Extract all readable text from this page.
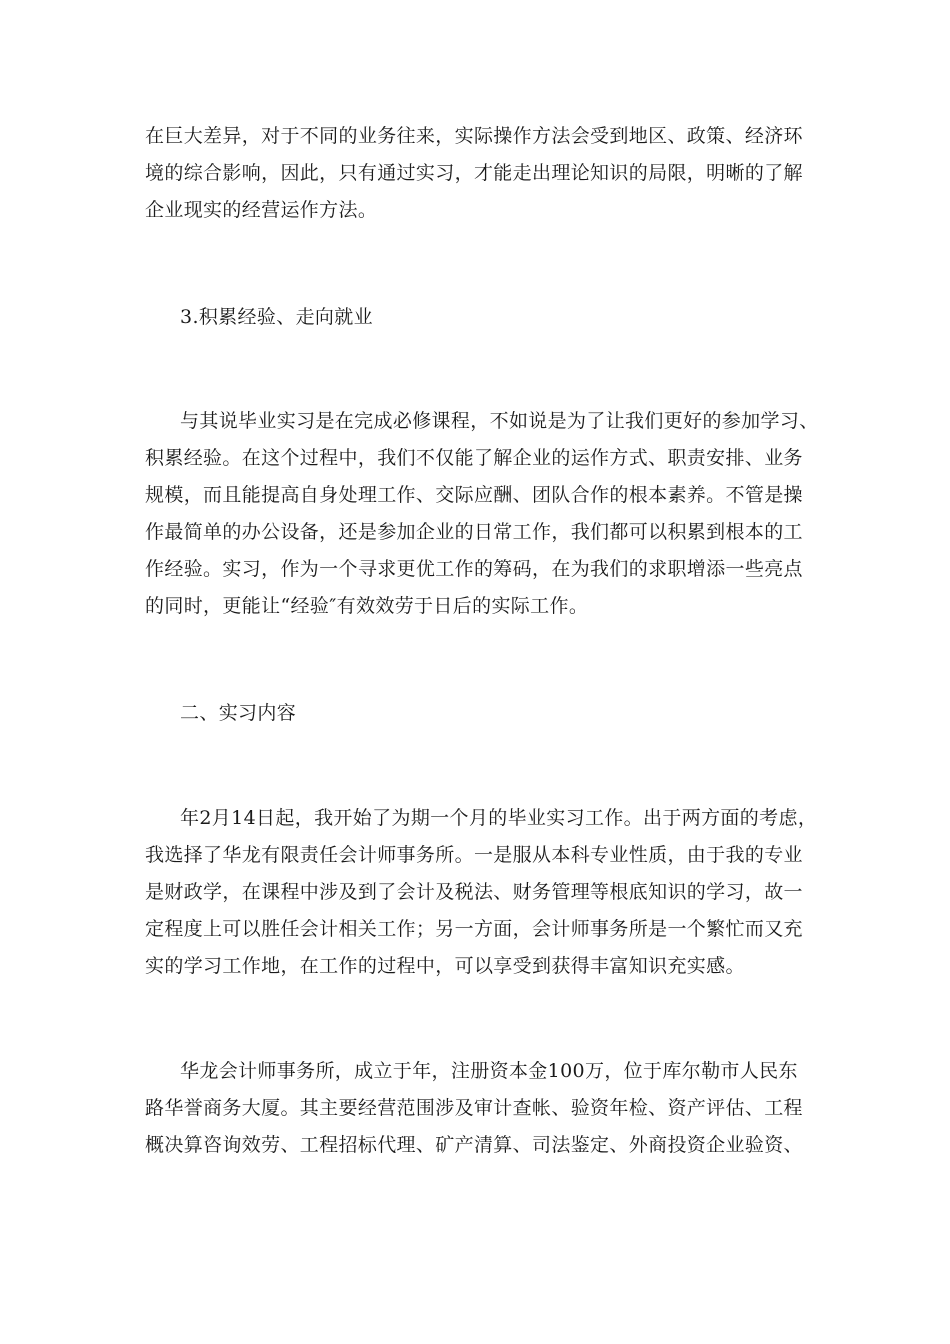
在巨大差异，对于不同的业务往来，实际操作方法会受到地区、政策、经济环
境的综合影响，因此，只有通过实习，才能走出理论知识的局限，明晰的了解
企业现实的经营运作方法。
3.积累经验、走向就业
与其说毕业实习是在完成必修课程，不如说是为了让我们更好的参加学习、
积累经验。在这个过程中，我们不仅能了解企业的运作方式、职责安排、业务
规模，而且能提高自身处理工作、交际应酬、团队合作的根本素养。不管是操
作最简单的办公设备，还是参加企业的日常工作，我们都可以积累到根本的工
作经验。实习，作为一个寻求更优工作的筹码，在为我们的求职增添一些亮点
的同时，更能让“经验″有效效劳于日后的实际工作。
二、实习内容
年2月14日起，我开始了为期一个月的毕业实习工作。出于两方面的考虑，
我选择了华龙有限责任会计师事务所。一是服从本科专业性质，由于我的专业
是财政学，在课程中涉及到了会计及税法、财务管理等根底知识的学习，故一
定程度上可以胜任会计相关工作；另一方面，会计师事务所是一个繁忙而又充
实的学习工作地，在工作的过程中，可以享受到获得丰富知识充实感。
华龙会计师事务所，成立于年，注册资本金100万，位于库尔勒市人民东
路华誉商务大厦。其主要经营范围涉及审计查帐、验资年检、资产评估、工程
概决算咨询效劳、工程招标代理、矿产清算、司法鉴定、外商投资企业验资、
